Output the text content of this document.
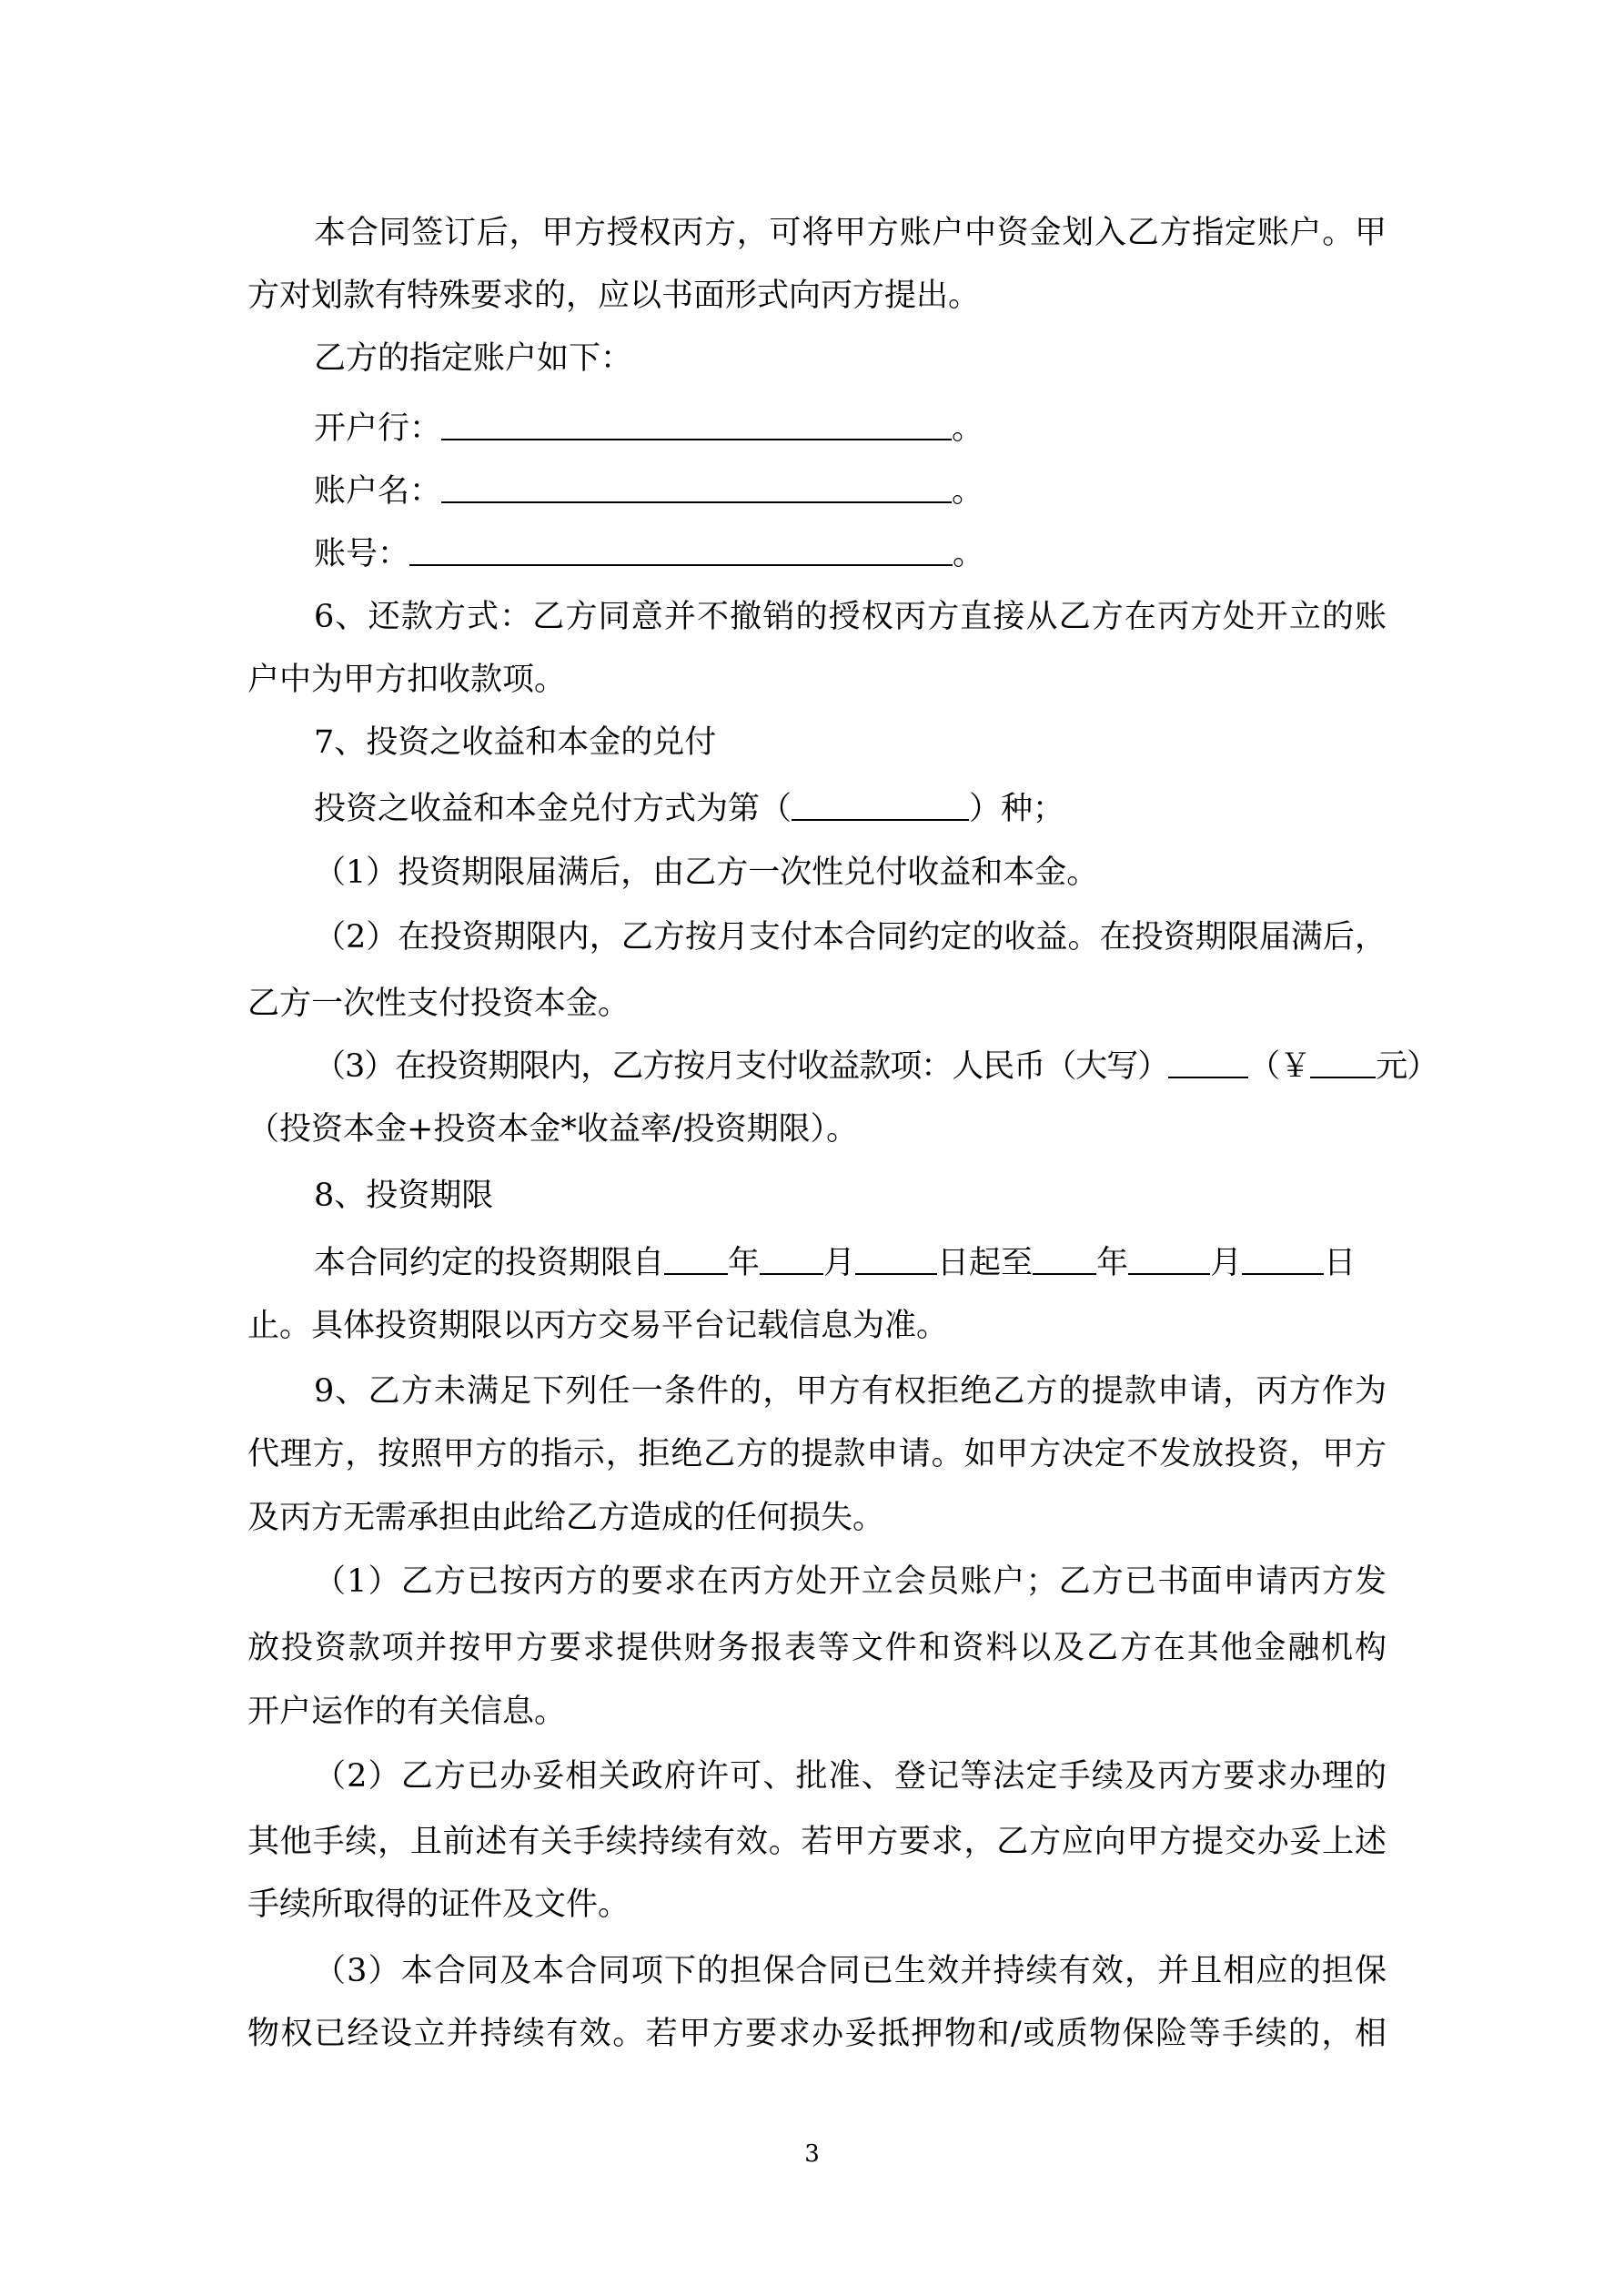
本合同签订后，甲方授权丙方，可将甲方账户中资金划入乙方指定账户。甲
方对划款有特殊要求的，应以书面形式向丙方提出。
乙方的指定账户如下：
开户行：	。
账户名：	。
账号：	。
6、还款方式：乙方同意并不撤销的授权丙方直接从乙方在丙方处开立的账
户中为甲方扣收款项。
7、投资之收益和本金的兑付
投资之收益和本金兑付方式为第（	）种；
（1）投资期限届满后，由乙方一次性兑付收益和本金。
（2）在投资期限内，乙方按月支付本合同约定的收益。在投资期限届满后，
乙方一次性支付投资本金。
（3）在投资期限内，乙方按月支付收益款项：人民币（大写）	（￥ 元）
（投资本金+投资本金*收益率/投资期限）。
8、投资期限
本合同约定的投资期限自 年 月	日起至 年	月	日
止。具体投资期限以丙方交易平台记载信息为准。
9、乙方未满足下列任一条件的，甲方有权拒绝乙方的提款申请，丙方作为
代理方，按照甲方的指示，拒绝乙方的提款申请。如甲方决定不发放投资，甲方
及丙方无需承担由此给乙方造成的任何损失。
（1）乙方已按丙方的要求在丙方处开立会员账户；乙方已书面申请丙方发
放投资款项并按甲方要求提供财务报表等文件和资料以及乙方在其他金融机构
开户运作的有关信息。
（2）乙方已办妥相关政府许可、批准、登记等法定手续及丙方要求办理的
其他手续，且前述有关手续持续有效。若甲方要求，乙方应向甲方提交办妥上述
手续所取得的证件及文件。
（3）本合同及本合同项下的担保合同已生效并持续有效，并且相应的担保
物权已经设立并持续有效。若甲方要求办妥抵押物和/或质物保险等手续的，相
3
